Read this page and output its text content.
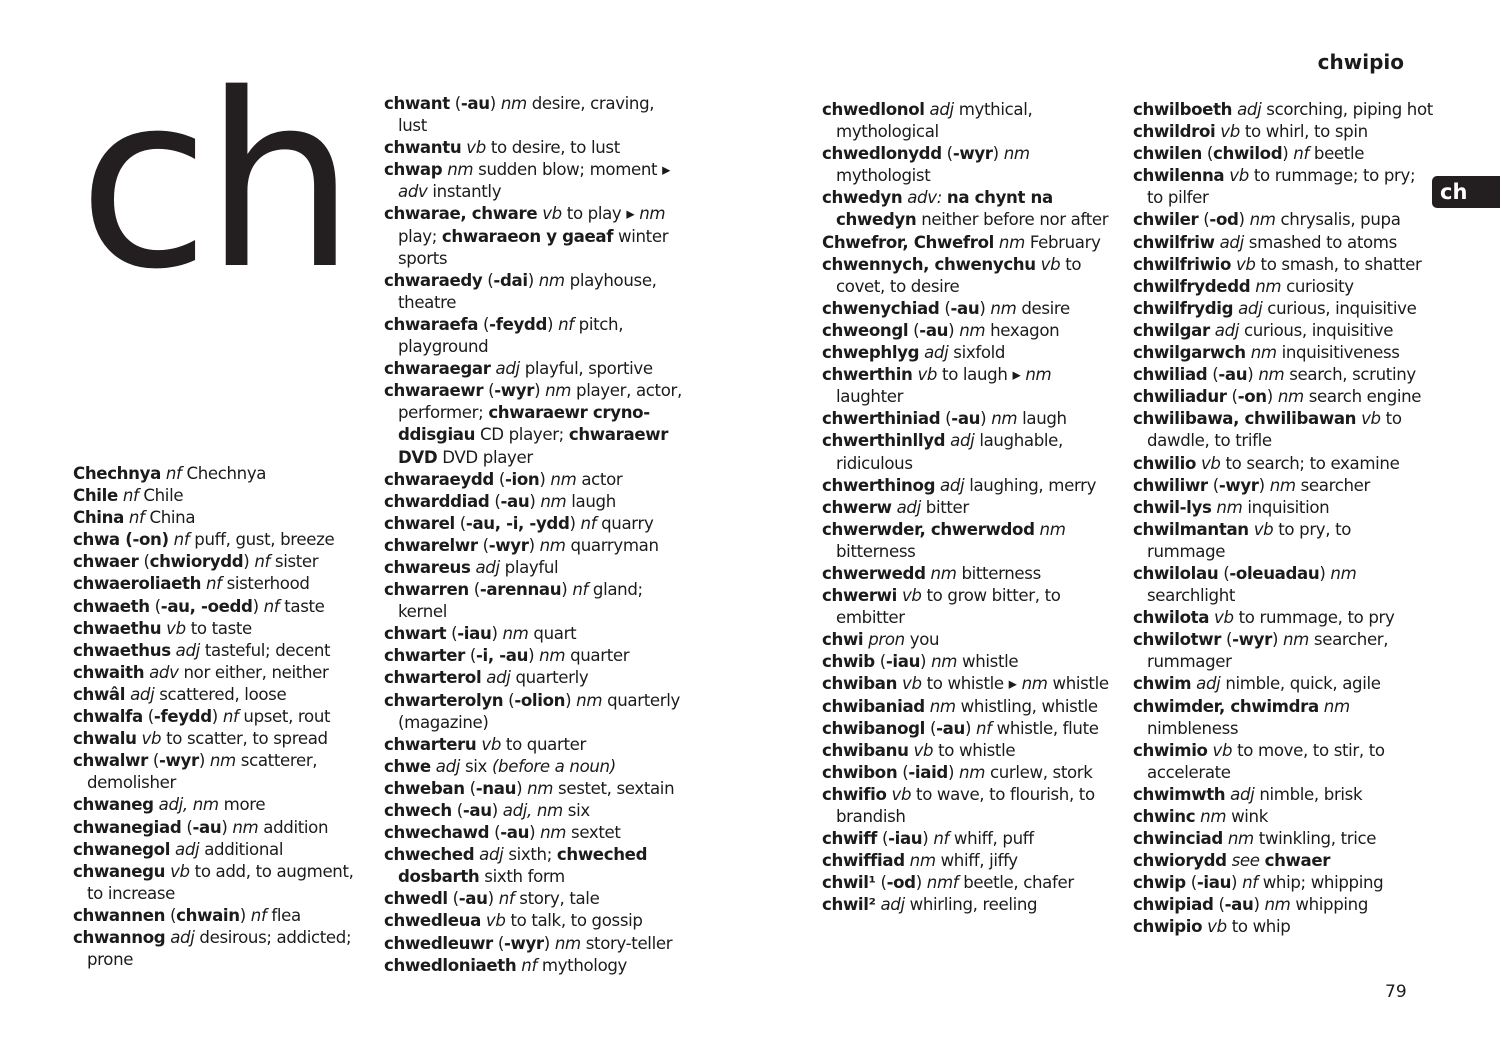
ch	chwipio
ch
79
Chechnya nf Chechnya
Chile nf Chile
China nf China
chwa (-on) nf puff, gust, breeze
chwaer (chwiorydd) nf sister
chwaeroliaeth nf sisterhood
chwaeth (-au, -oedd) nf taste
chwaethu vb to taste
chwaethus adj tasteful; decent
chwaith adv nor either, neither
chwâl adj scattered, loose
chwalfa (-feydd) nf upset, rout
chwalu vb to scatter, to spread
chwalwr (-wyr) nm scatterer, demolisher
chwaneg adj, nm more
chwanegiad (-au) nm addition
chwanegol adj additional
chwanegu vb to add, to augment, to increase
chwannen (chwain) nf flea
chwannog adj desirous; addicted; prone
chwant (-au) nm desire, craving, lust
chwantu vb to desire, to lust
chwap nm sudden blow; moment ▸ adv instantly
chwarae, chware vb to play ▸ nm play; chwaraeon y gaeaf winter sports
chwaraedy (-dai) nm playhouse, theatre
chwaraefa (-feydd) nf pitch, playground
chwaraegar adj playful, sportive
chwaraewr (-wyr) nm player, actor, performer; chwaraewr cryno-ddisgiau CD player; chwaraewr DVD DVD player
chwaraeydd (-ion) nm actor
chwarddiad (-au) nm laugh
chwarel (-au, -i, -ydd) nf quarry
chwarelwr (-wyr) nm quarryman
chwareus adj playful
chwarren (-arennau) nf gland; kernel
chwart (-iau) nm quart
chwarter (-i, -au) nm quarter
chwarterol adj quarterly
chwarterolyn (-olion) nm quarterly (magazine)
chwarteru vb to quarter
chwe adj six (before a noun)
chweban (-nau) nm sestet, sextain
chwech (-au) adj, nm six
chwechawd (-au) nm sextet
chweched adj sixth; chweched dosbarth sixth form
chwedl (-au) nf story, tale
chwedleua vb to talk, to gossip
chwedleuwr (-wyr) nm story-teller
chwedloniaeth nf mythology
chwedlonol adj mythical, mythological
chwedlonydd (-wyr) nm mythologist
chwedyn adv: na chynt na chwedyn neither before nor after
Chwefror, Chwefrol nm February
chwennych, chwenychu vb to covet, to desire
chwenychiad (-au) nm desire
chweongl (-au) nm hexagon
chwephlyg adj sixfold
chwerthin vb to laugh ▸ nm laughter
chwerthiniad (-au) nm laugh
chwerthinllyd adj laughable, ridiculous
chwerthinog adj laughing, merry
chwerw adj bitter
chwerwder, chwerwdod nm bitterness
chwerwedd nm bitterness
chwerwi vb to grow bitter, to embitter
chwi pron you
chwib (-iau) nm whistle
chwiban vb to whistle ▸ nm whistle
chwibaniad nm whistling, whistle
chwibanogl (-au) nf whistle, flute
chwibanu vb to whistle
chwibon (-iaid) nm curlew, stork
chwifio vb to wave, to flourish, to brandish
chwiff (-iau) nf whiff, puff
chwiffiad nm whiff, jiffy
chwil¹ (-od) nmf beetle, chafer
chwil² adj whirling, reeling
chwilboeth adj scorching, piping hot
chwildroi vb to whirl, to spin
chwilen (chwilod) nf beetle
chwilenna vb to rummage; to pry; to pilfer
chwiler (-od) nm chrysalis, pupa
chwilfriw adj smashed to atoms
chwilfriwio vb to smash, to shatter
chwilfrydedd nm curiosity
chwilfrydig adj curious, inquisitive
chwilgar adj curious, inquisitive
chwilgarwch nm inquisitiveness
chwiliad (-au) nm search, scrutiny
chwiliadur (-on) nm search engine
chwilibawa, chwilibawan vb to dawdle, to trifle
chwilio vb to search; to examine
chwiliwr (-wyr) nm searcher
chwil-lys nm inquisition
chwilmantan vb to pry, to rummage
chwilolau (-oleuadau) nm searchlight
chwilota vb to rummage, to pry
chwilotwr (-wyr) nm searcher, rummager
chwim adj nimble, quick, agile
chwimder, chwimdra nm nimbleness
chwimio vb to move, to stir, to accelerate
chwimwth adj nimble, brisk
chwinc nm wink
chwinciad nm twinkling, trice
chwiorydd see chwaer
chwip (-iau) nf whip; whipping
chwipiad (-au) nm whipping
chwipio vb to whip
